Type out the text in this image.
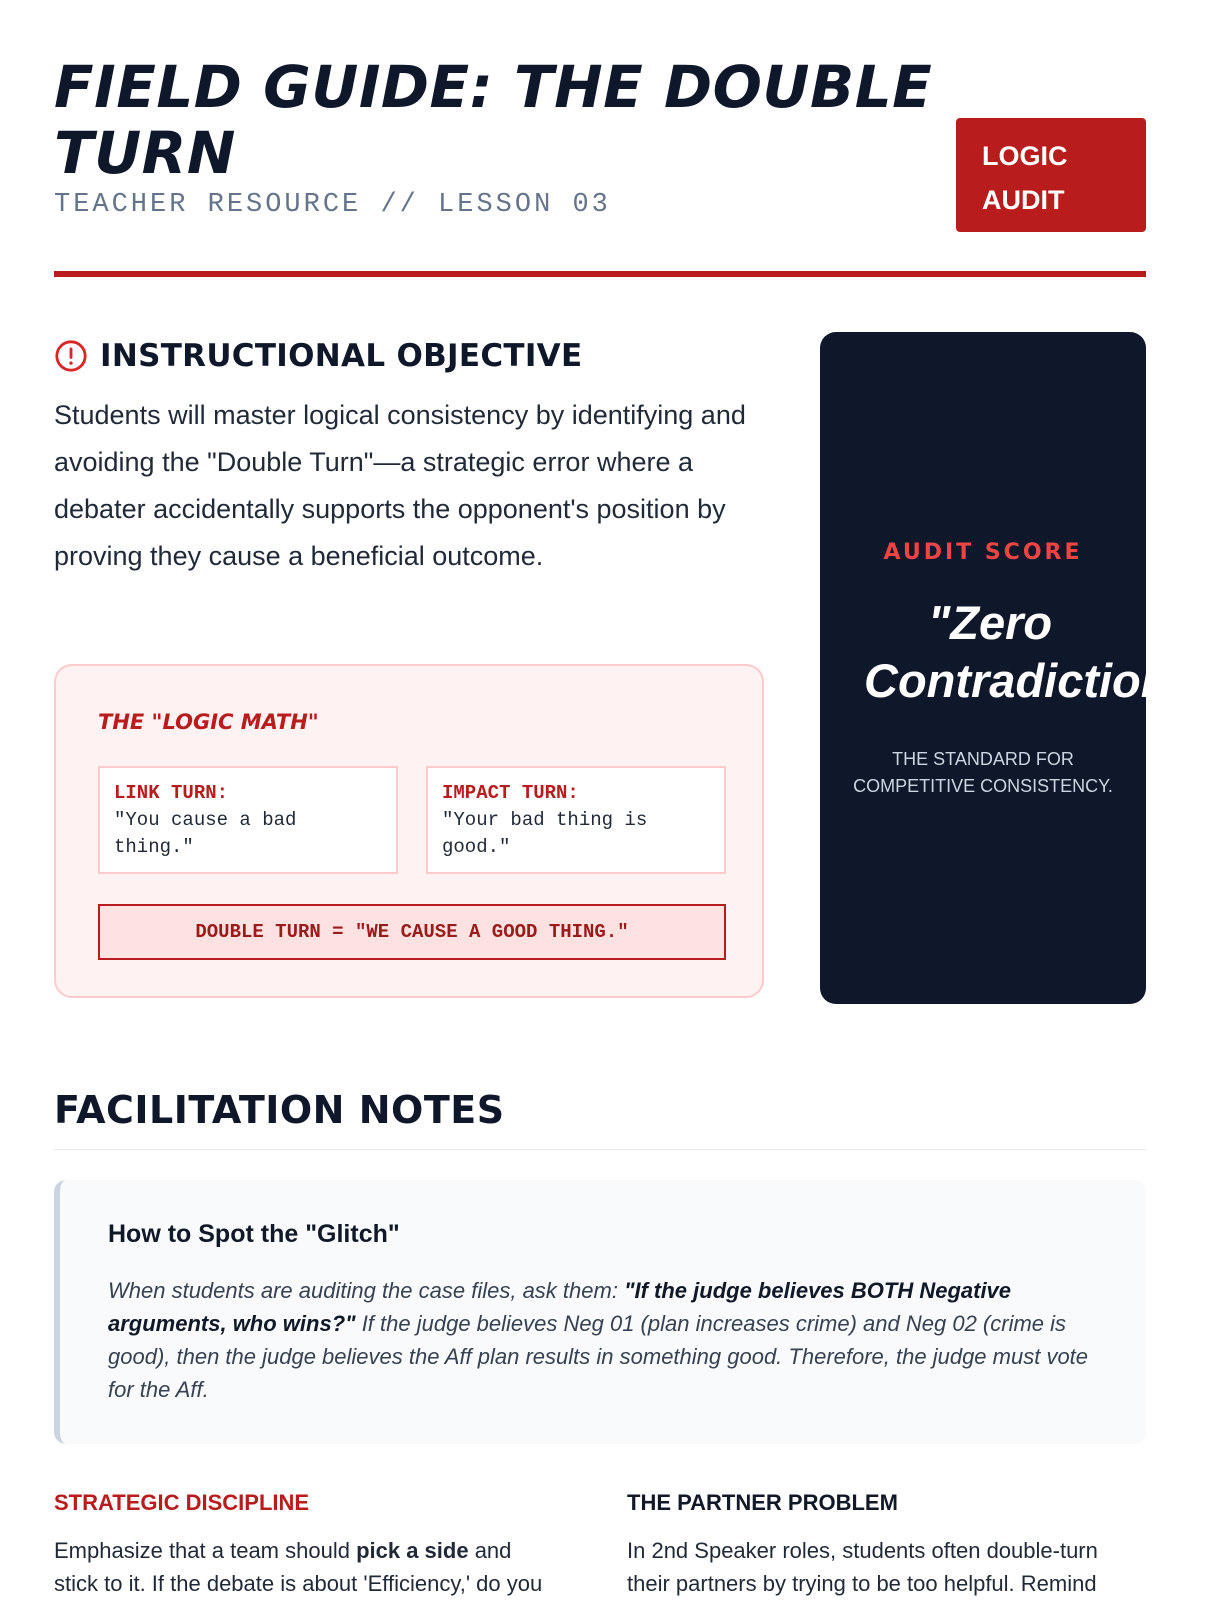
FIELD GUIDE: THE DOUBLE TURN

TEACHER RESOURCE // LESSON 03

LOGIC AUDIT
INSTRUCTIONAL OBJECTIVE

Students will master logical consistency by identifying and avoiding the "Double Turn"—a strategic error where a debater accidentally supports the opponent's position by proving they cause a beneficial outcome.

THE "LOGIC MATH"
LINK TURN:
"You cause a bad thing."
IMPACT TURN:
"Your bad thing is good."
DOUBLE TURN = "WE CAUSE A GOOD THING."
AUDIT SCORE
"Zero
Contradiction"
THE STANDARD FOR COMPETITIVE CONSISTENCY.
FACILITATION NOTES
How to Spot the "Glitch"

When students are auditing the case files, ask them: "If the judge believes BOTH Negative arguments, who wins?" If the judge believes Neg 01 (plan increases crime) and Neg 02 (crime is good), then the judge believes the Aff plan results in something good. Therefore, the judge must vote for the Aff.

STRATEGIC DISCIPLINE

Emphasize that a team should pick a side and stick to it. If the debate is about 'Efficiency,' do you

THE PARTNER PROBLEM

In 2nd Speaker roles, students often double-turn their partners by trying to be too helpful. Remind
